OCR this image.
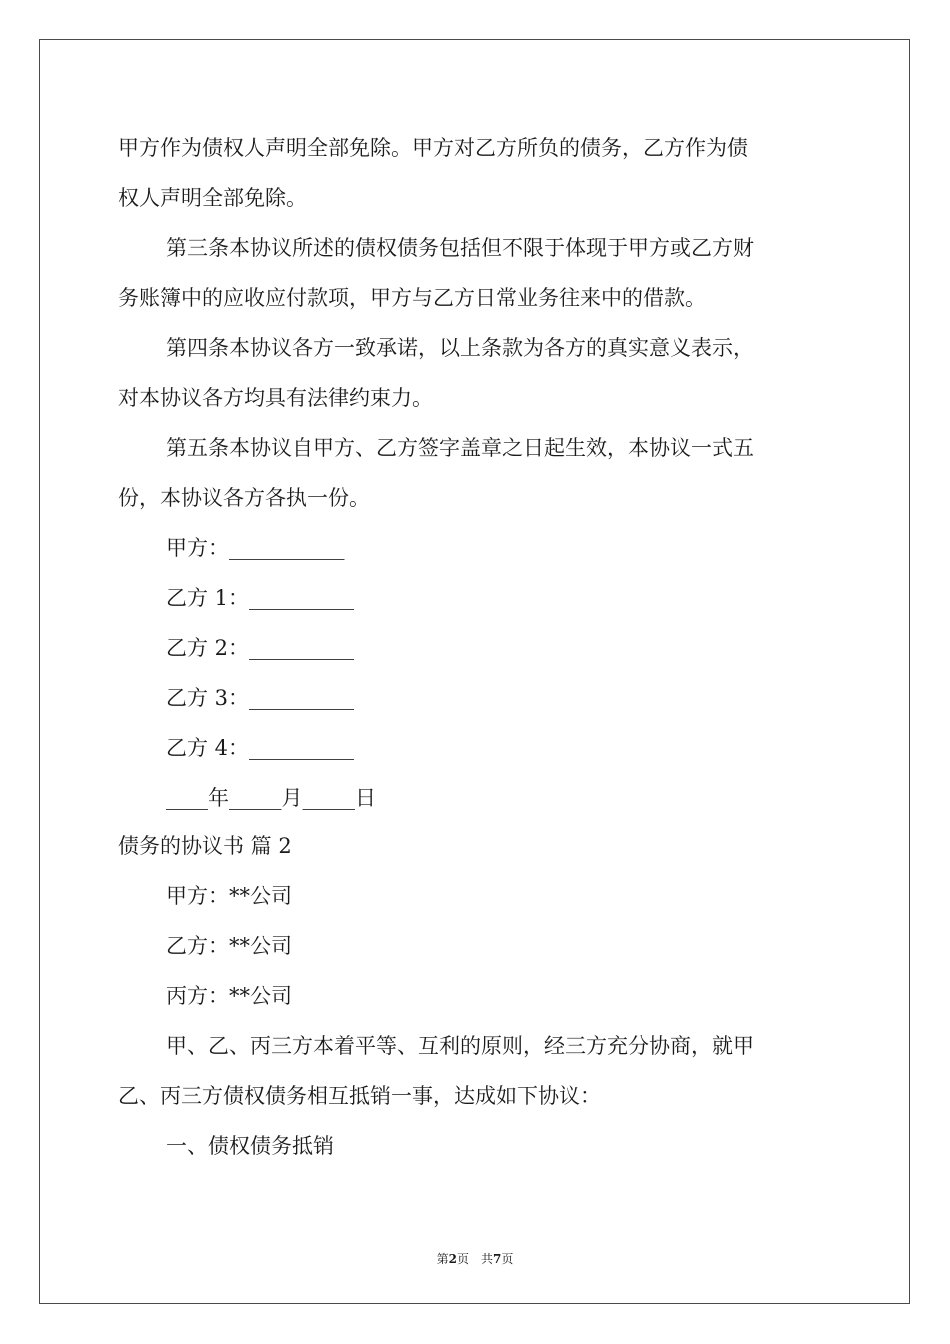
甲方作为债权人声明全部免除。甲方对乙方所负的债务，乙方作为债
权人声明全部免除。
第三条本协议所述的债权债务包括但不限于体现于甲方或乙方财
务账簿中的应收应付款项，甲方与乙方日常业务往来中的借款。
第四条本协议各方一致承诺，以上条款为各方的真实意义表示，
对本协议各方均具有法律约束力。
第五条本协议自甲方、乙方签字盖章之日起生效，本协议一式五
份，本协议各方各执一份。
甲方：___________
乙方 1：__________
乙方 2：__________
乙方 3：__________
乙方 4：__________
____年_____月_____日
债务的协议书 篇 2
甲方：**公司
乙方：**公司
丙方：**公司
甲、乙、丙三方本着平等、互利的原则，经三方充分协商，就甲
乙、丙三方债权债务相互抵销一事，达成如下协议：
一、债权债务抵销
第2页　共7页
